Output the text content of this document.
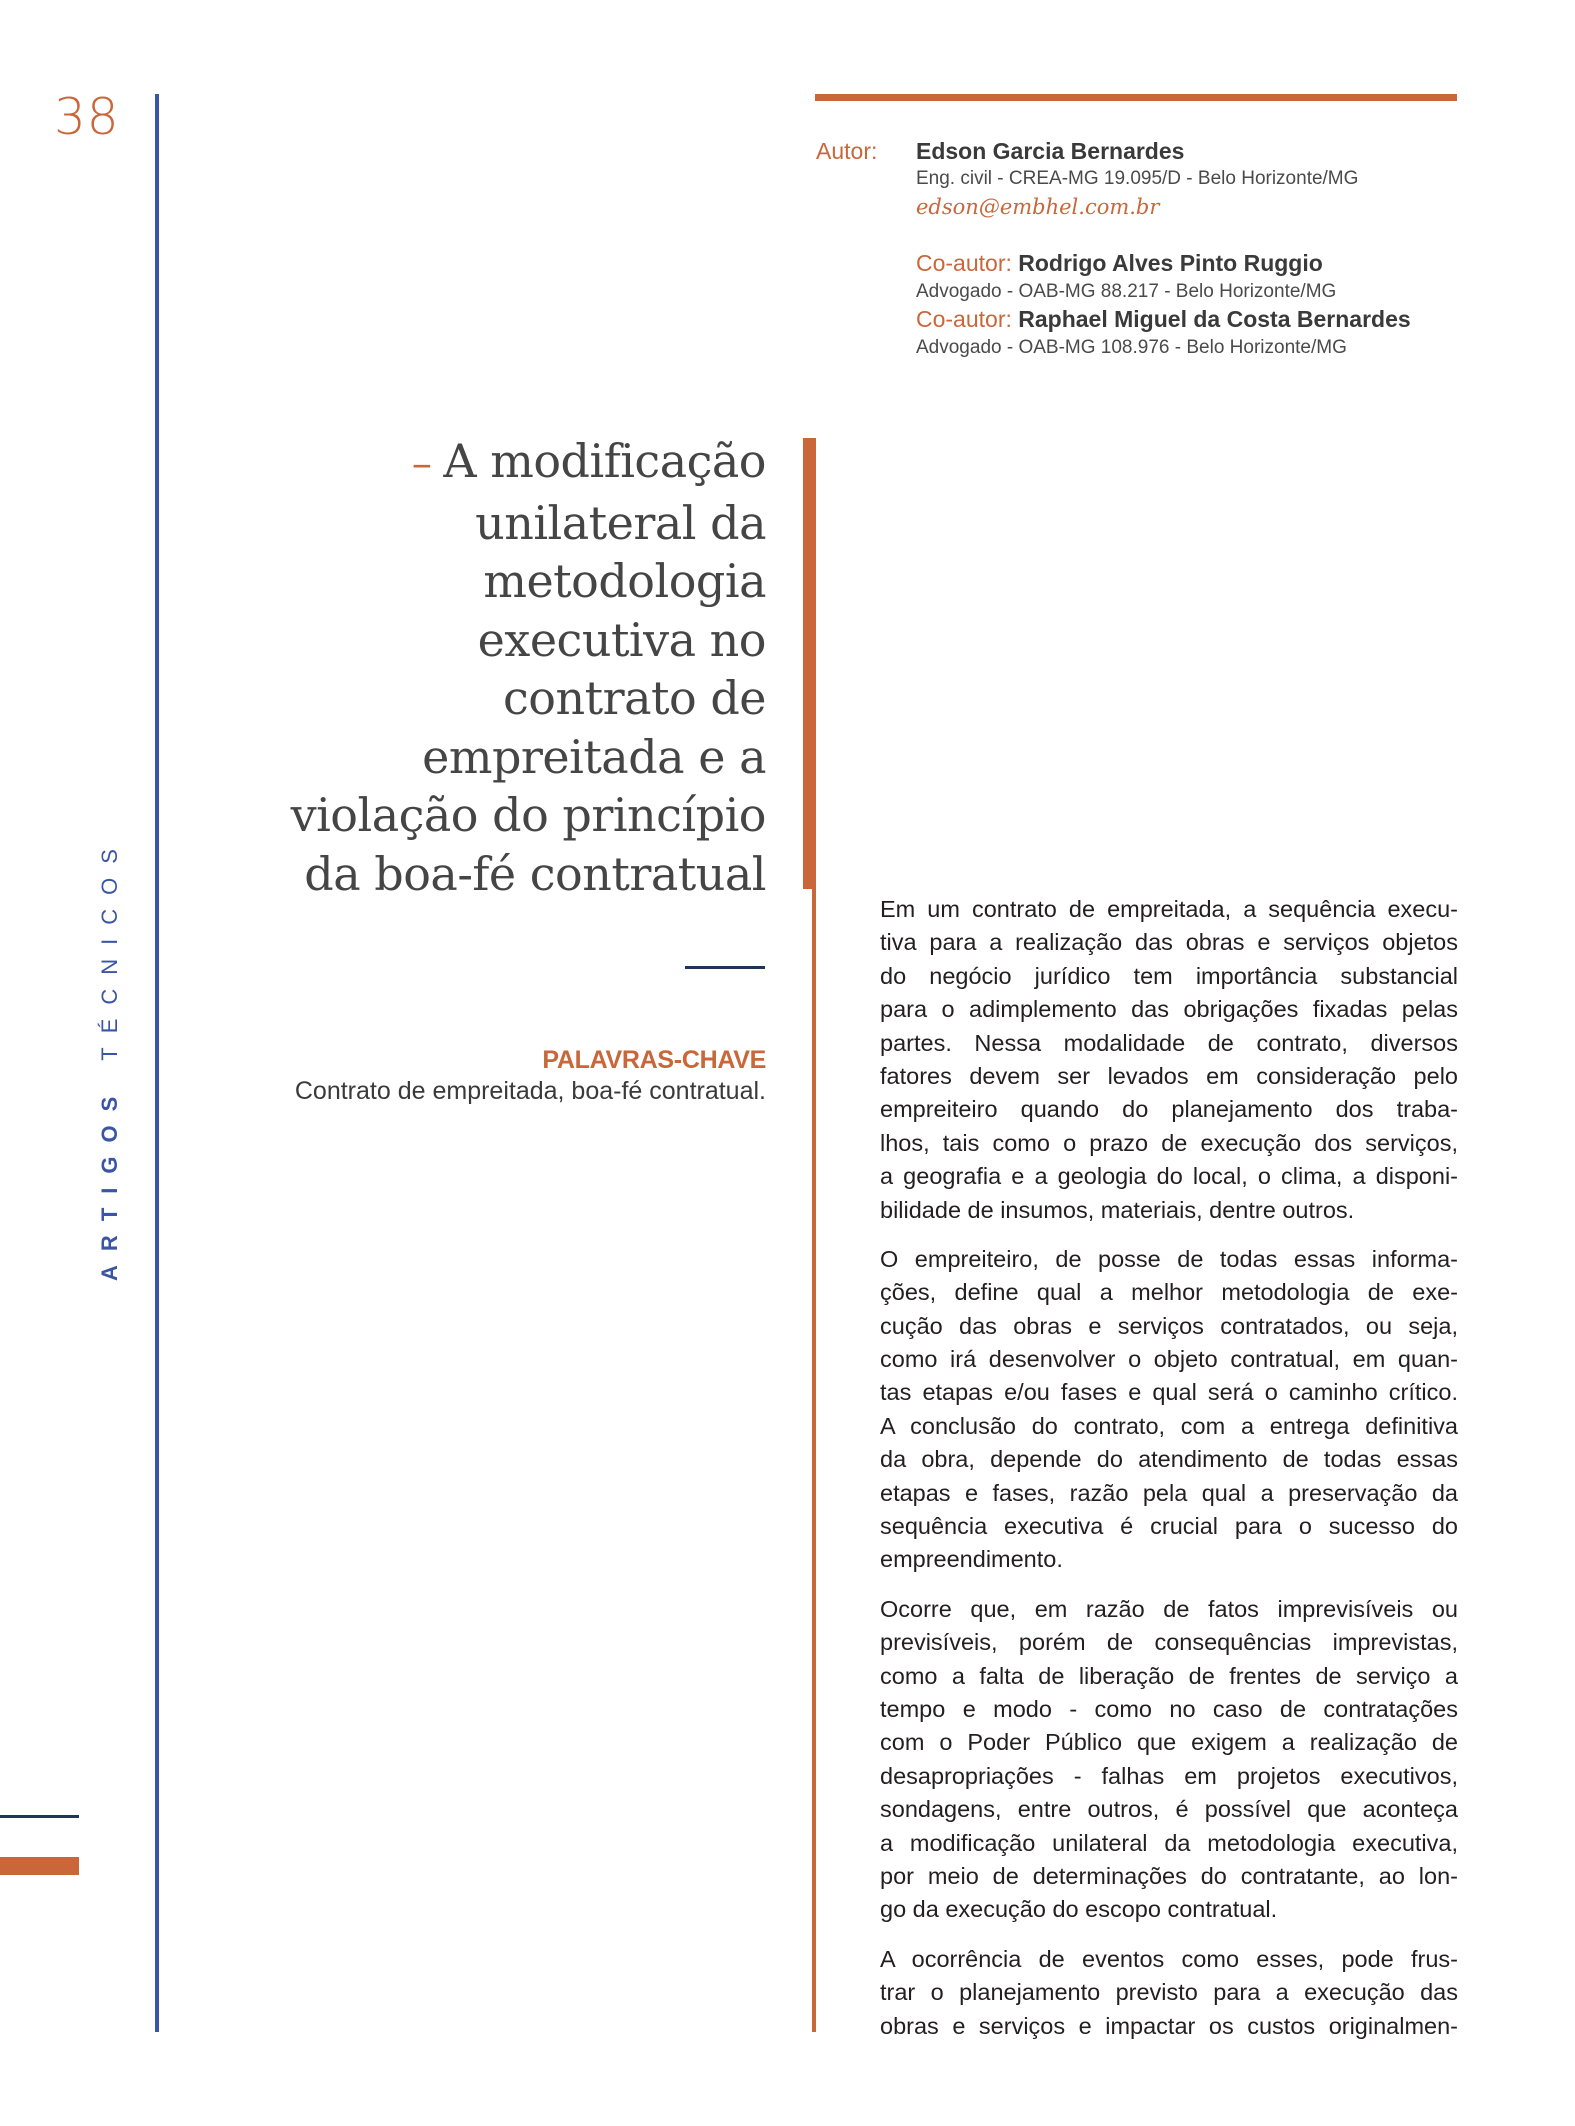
38
ARTIGOSTÉCNICOS
Autor: Edson Garcia Bernardes
Eng. civil - CREA-MG 19.095/D - Belo Horizonte/MG
edson@embhel.com.br
Co-autor: Rodrigo Alves Pinto Ruggio
Advogado - OAB-MG 88.217 - Belo Horizonte/MG
Co-autor: Raphael Miguel da Costa Bernardes
Advogado - OAB-MG 108.976 - Belo Horizonte/MG
– A modificação
unilateral da
metodologia
executiva no
contrato de
empreitada e a
violação do princípio
da boa-fé contratual
PALAVRAS-CHAVE
Contrato de empreitada, boa-fé contratual.

Em um contrato de empreitada, a sequência execu-
tiva para a realização das obras e serviços objetos
do negócio jurídico tem importância substancial
para o adimplemento das obrigações fixadas pelas
partes. Nessa modalidade de contrato, diversos
fatores devem ser levados em consideração pelo
empreiteiro quando do planejamento dos traba-
lhos, tais como o prazo de execução dos serviços,
a geografia e a geologia do local, o clima, a disponi-
bilidade de insumos, materiais, dentre outros.

O empreiteiro, de posse de todas essas informa-
ções, define qual a melhor metodologia de exe-
cução das obras e serviços contratados, ou seja,
como irá desenvolver o objeto contratual, em quan-
tas etapas e/ou fases e qual será o caminho crítico.
A conclusão do contrato, com a entrega definitiva
da obra, depende do atendimento de todas essas
etapas e fases, razão pela qual a preservação da
sequência executiva é crucial para o sucesso do
empreendimento.

Ocorre que, em razão de fatos imprevisíveis ou
previsíveis, porém de consequências imprevistas,
como a falta de liberação de frentes de serviço a
tempo e modo - como no caso de contratações
com o Poder Público que exigem a realização de
desapropriações - falhas em projetos executivos,
sondagens, entre outros, é possível que aconteça
a modificação unilateral da metodologia executiva,
por meio de determinações do contratante, ao lon-
go da execução do escopo contratual.

A ocorrência de eventos como esses, pode frus-
trar o planejamento previsto para a execução das
obras e serviços e impactar os custos originalmen-
